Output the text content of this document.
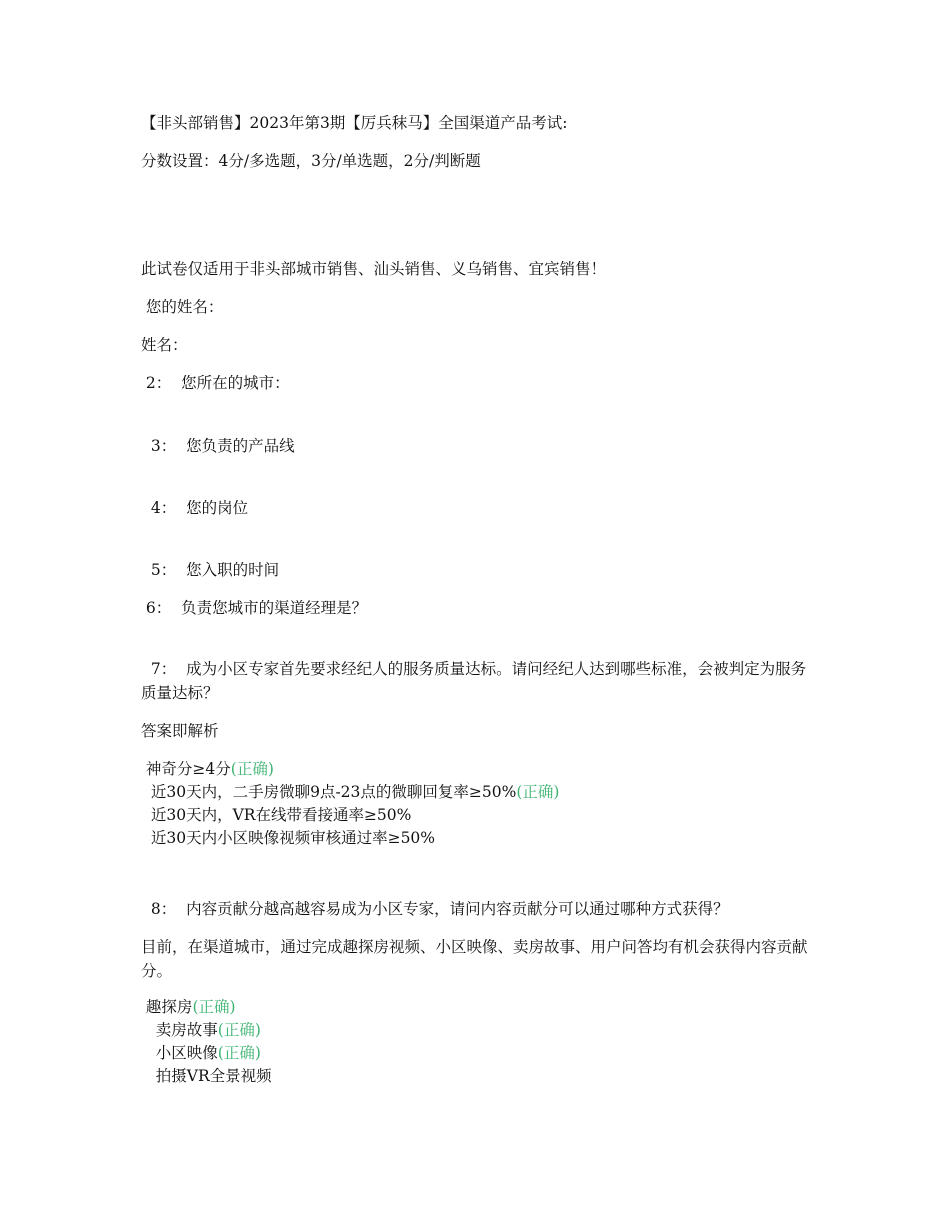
【非头部销售】2023年第3期【厉兵秣马】全国渠道产品考试:
分数设置：4分/多选题，3分/单选题，2分/判断题
此试卷仅适用于非头部城市销售、汕头销售、义乌销售、宜宾销售！
您的姓名：
姓名：
2：  您所在的城市：
3：  您负责的产品线
4：  您的岗位
5：  您入职的时间
6：  负责您城市的渠道经理是？
7：  成为小区专家首先要求经纪人的服务质量达标。请问经纪人达到哪些标准，会被判定为服务质量达标？
答案即解析
神奇分≥4分(正确)
近30天内，二手房微聊9点-23点的微聊回复率≥50%(正确)
近30天内，VR在线带看接通率≥50%
近30天内小区映像视频审核通过率≥50%
8：  内容贡献分越高越容易成为小区专家，请问内容贡献分可以通过哪种方式获得？
目前，在渠道城市，通过完成趣探房视频、小区映像、卖房故事、用户问答均有机会获得内容贡献分。
趣探房(正确)
卖房故事(正确)
小区映像(正确)
拍摄VR全景视频
